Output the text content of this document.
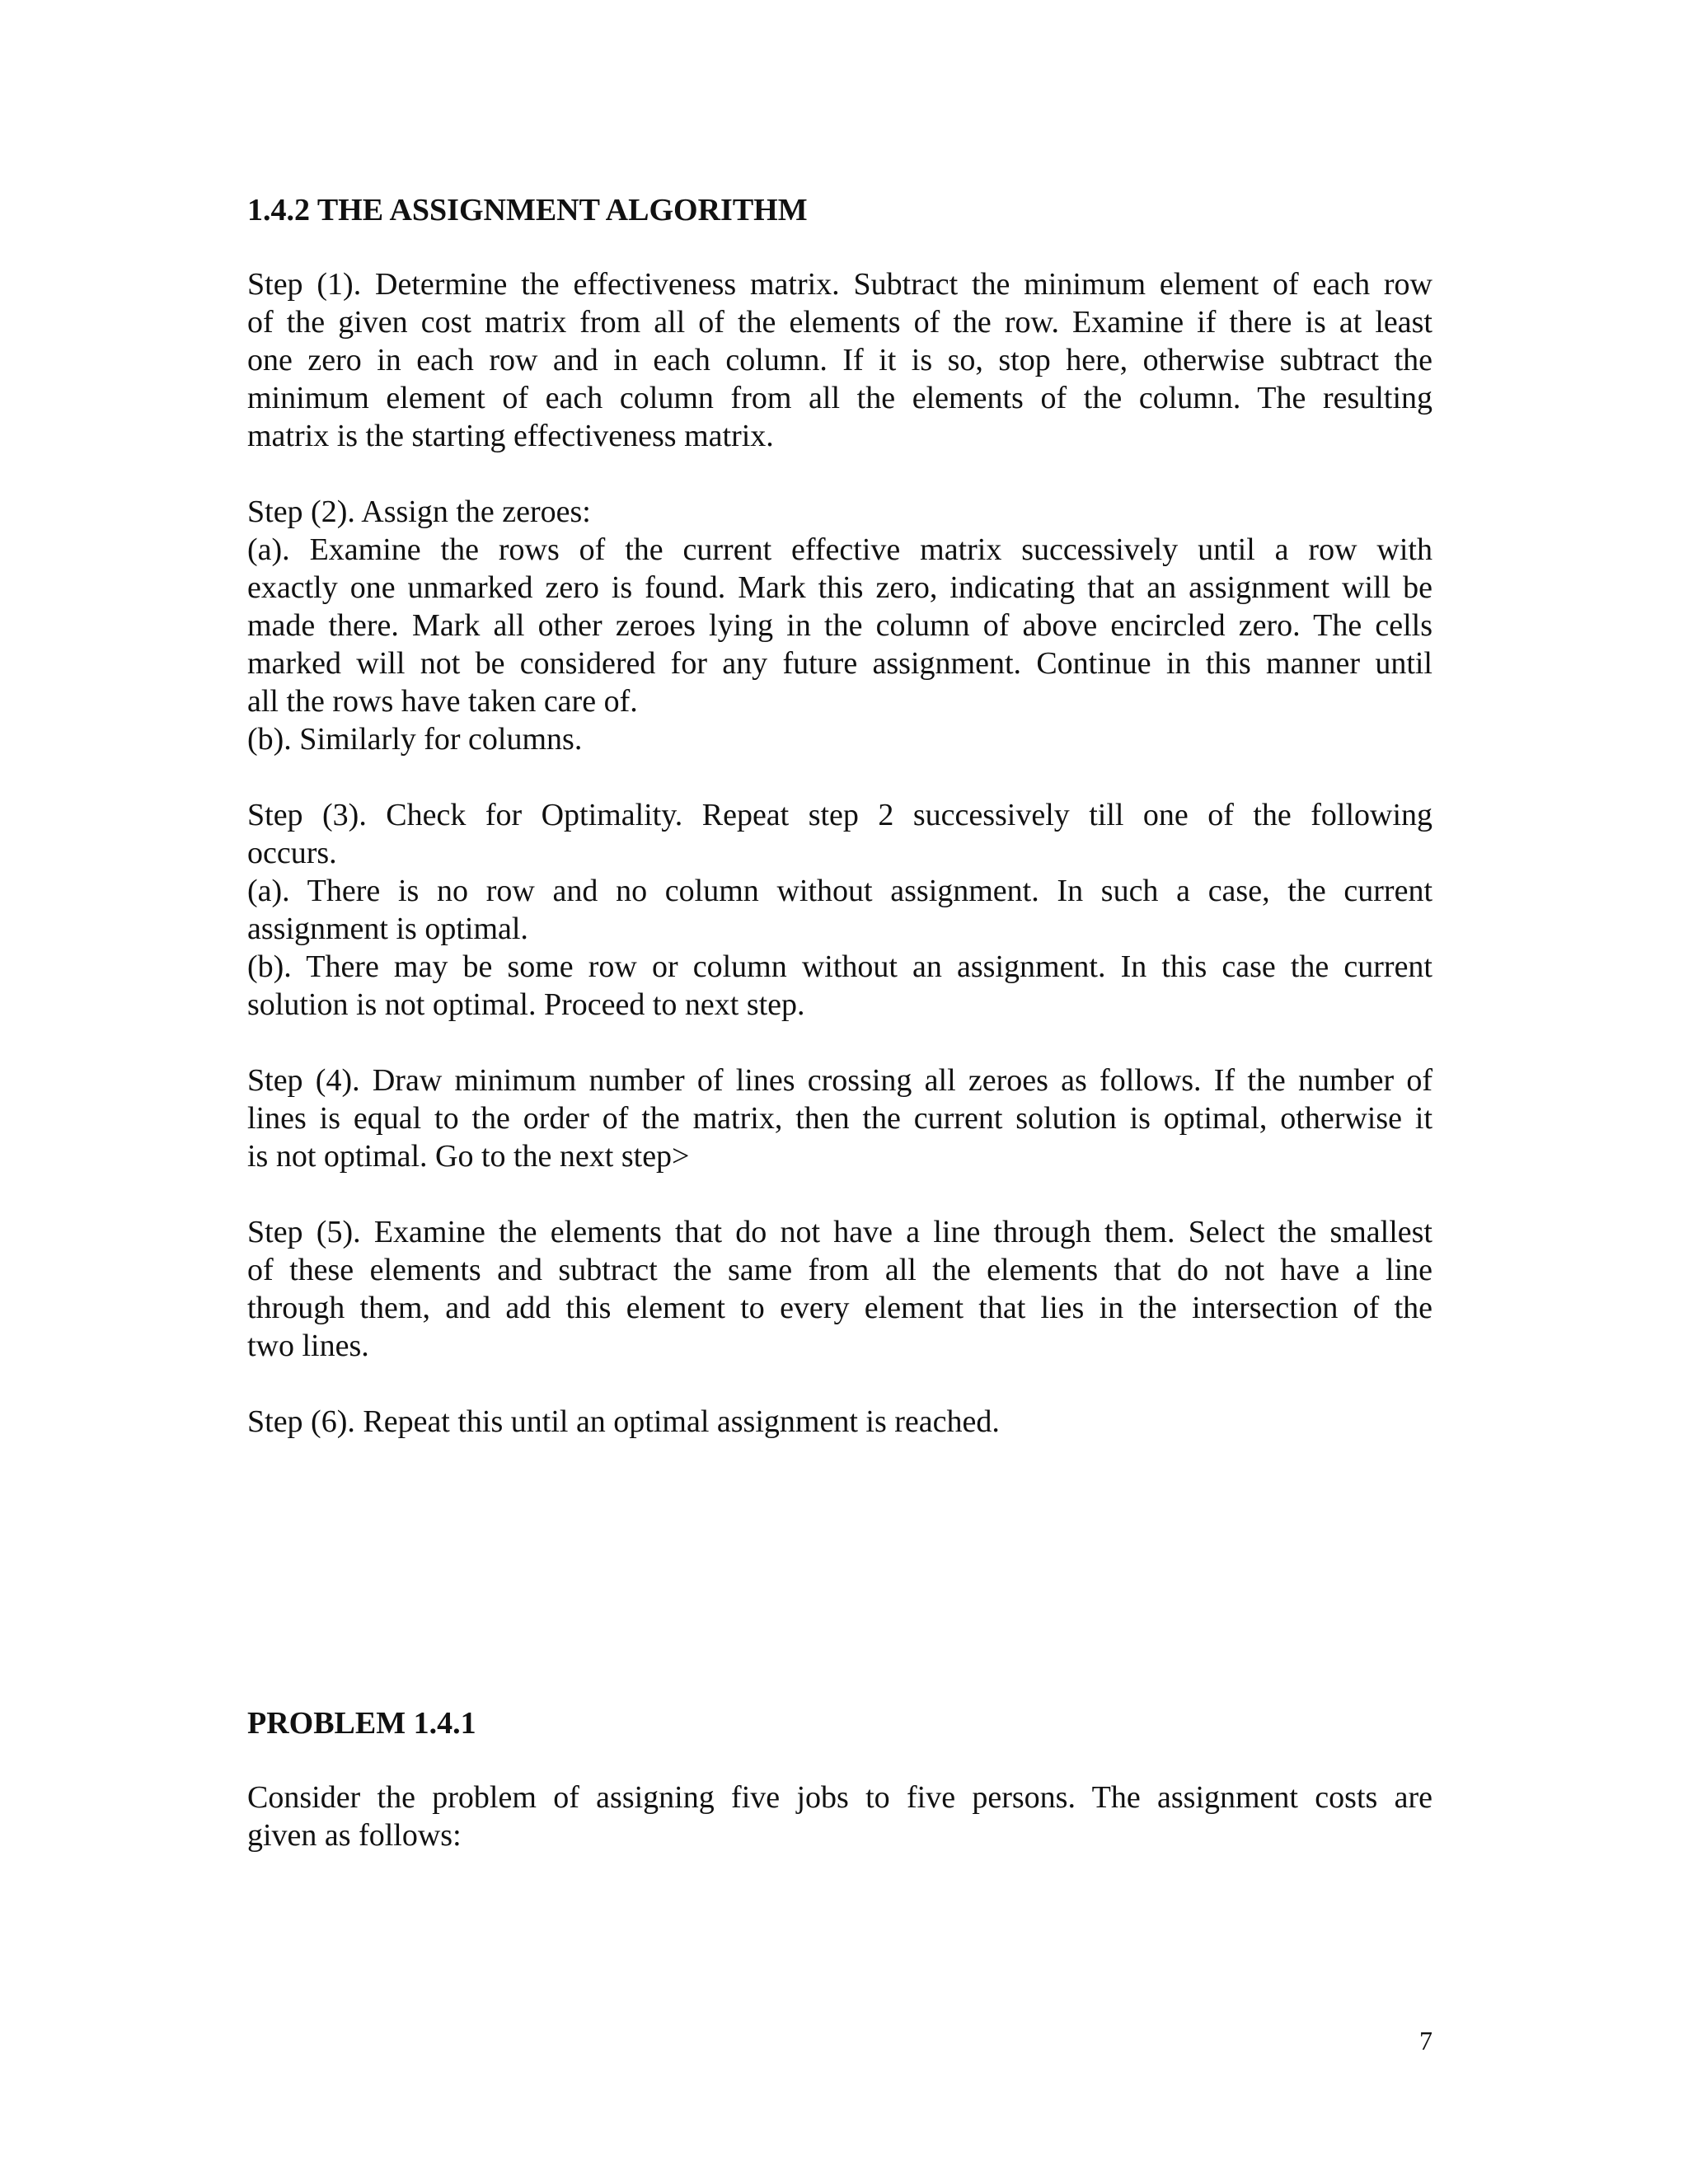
1.4.2 THE ASSIGNMENT ALGORITHM
Step (1). Determine the effectiveness matrix. Subtract the minimum element of each row
of the given cost matrix from all of the elements of the row. Examine if there is at least
one zero in each row and in each column. If it is so, stop here, otherwise subtract the
minimum element of each column from all the elements of the column. The resulting
matrix is the starting effectiveness matrix.
Step (2). Assign the zeroes:
(a). Examine the rows of the current effective matrix successively until a row with
exactly one unmarked zero is found. Mark this zero, indicating that an assignment will be
made there. Mark all other zeroes lying in the column of above encircled zero. The cells
marked will not be considered for any future assignment. Continue in this manner until
all the rows have taken care of.
(b). Similarly for columns.
Step (3). Check for Optimality. Repeat step 2 successively till one of the following
occurs.
(a). There is no row and no column without assignment. In such a case, the current
assignment is optimal.
(b). There may be some row or column without an assignment. In this case the current
solution is not optimal. Proceed to next step.
Step (4). Draw minimum number of lines crossing all zeroes as follows. If the number of
lines is equal to the order of the matrix, then the current solution is optimal, otherwise it
is not optimal. Go to the next step>
Step (5). Examine the elements that do not have a line through them. Select the smallest
of these elements and subtract the same from all the elements that do not have a line
through them, and add this element to every element that lies in the intersection of the
two lines.
Step (6). Repeat this until an optimal assignment is reached.
PROBLEM 1.4.1
Consider the problem of assigning five jobs to five persons. The assignment costs are
given as follows:
7
